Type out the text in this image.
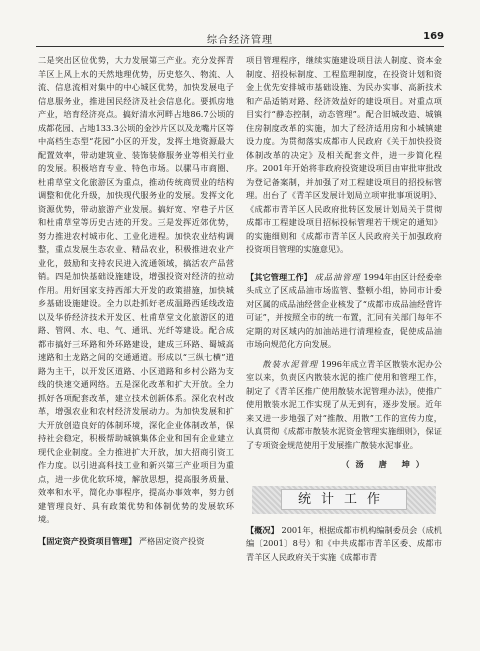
综合经济管理	169

二是突出区位优势，大力发展第三产业。充分发挥青羊区上风上水的天然地理优势，历史悠久、物流、人流、信息流相对集中的中心城区优势，加快发展电子信息服务业，推进国民经济及社会信息化。要抓房地产业，培育经济亮点。搞好清水河畔占地86.7公顷的成都花园、占地133.3公顷的金沙片区以及龙嘴片区等中高档生态型“花园”小区的开发，发挥土地资源最大配置效率，带动建筑业、装饰装修服务业等相关行业的发展。积极培育专业、特色市场。以骡马市商圈、杜甫草堂文化旅游区为重点，推动传统商贸业的结构调整和优化升级，加快现代服务业的发展。发挥文化资源优势，带动旅游产业发展。搞好宽、窄巷子片区和杜甫草堂等历史古迹的开发。三是发挥近郊优势，努力推进农村城市化、工业化进程。加快农业结构调整，重点发展生态农业、精品农业，积极推进农业产业化，鼓励和支持农民进入流通领域，搞活农产品营销。四是加快基础设施建设，增强投资对经济的拉动作用。用好国家支持西部大开发的政策措施，加快城乡基础设施建设。全力以赴抓好老成温路西延线改造以及华侨经济技术开发区、杜甫草堂文化旅游区的道路、管网、水、电、气、通讯、光纤等建设。配合成都市搞好三环路和外环路建设，建成三环路、蜀城高速路和土龙路之间的交通通道。形成以“三纵七横”道路为主干，以开发区道路、小区道路和乡村公路为支线的快速交通网络。五是深化改革和扩大开放。全力抓好各项配套改革，建立技术创新体系。深化农村改革，增强农业和农村经济发展动力。为加快发展和扩大开放创造良好的体制环境，深化企业体制改革，保持社会稳定，积极帮助城镇集体企业和国有企业建立现代企业制度。全力推进扩大开放，加大招商引资工作力度。以引进高科技工业和新兴第三产业项目为重点，进一步优化软环境，解放思想，提高服务质量、效率和水平，简化办事程序，提高办事效率，努力创建管理良好、具有政策优势和体制优势的发展软环境。

【固定资产投资项目管理】 严格固定资产投资

项目管理程序，继续实施建设项目法人制度、资本金制度、招投标制度、工程监理制度，在投资计划和资金上优先安排城市基础设施、为民办实事、高新技术和产品适销对路、经济效益好的建设项目。对重点项目实行“静态控制，动态管理”。配合旧城改造、城镇住房制度改革的实施，加大了经济适用房和小城镇建设力度。为贯彻落实成都市人民政府《关于加快投资体制改革的决定》及相关配套文件，进一步简化程序。2001年开始将非政府投资建设项目由审批审批改为登记备案制，并加强了对工程建设项目的招投标管理。出台了《青羊区发展计划局立项审批事项说明》、《成都市青羊区人民政府批转区发展计划局关于贯彻成都市工程建设项目招标投标管理若干规定的通知》的实施细则和《成都市青羊区人民政府关于加强政府投资项目管理的实施意见》。

【其它管理工作】 成品油管理 1994年由区计经委牵头成立了区成品油市场监管、整顿小组，协同市计委对区属的成品油经营企业核发了“成都市成品油经营许可证”，并按照全市的统一布置，汇同有关部门每年不定期的对区域内的加油站进行清理检查，促使成品油市场向规范化方向发展。

散装水泥管理 1996年成立青羊区散装水泥办公室以来，负责区内散装水泥的推广使用和管理工作，制定了《青羊区推广使用散装水泥管理办法》，使推广使用散装水泥工作实现了从无到有，逐步发展。近年来又进一步地强了对“推散、用散”工作的宣传力度，认真贯彻《成都市散装水泥资金管理实施细则》，保证了专项资金规范使用于发展推广散装水泥事业。

（汤 唐 坤）
统计工作

【概况】 2001年，根据成都市机构编制委员会（成机编〔2001〕8号）和《中共成都市青羊区委、成都市青羊区人民政府关于实施《成都市青
